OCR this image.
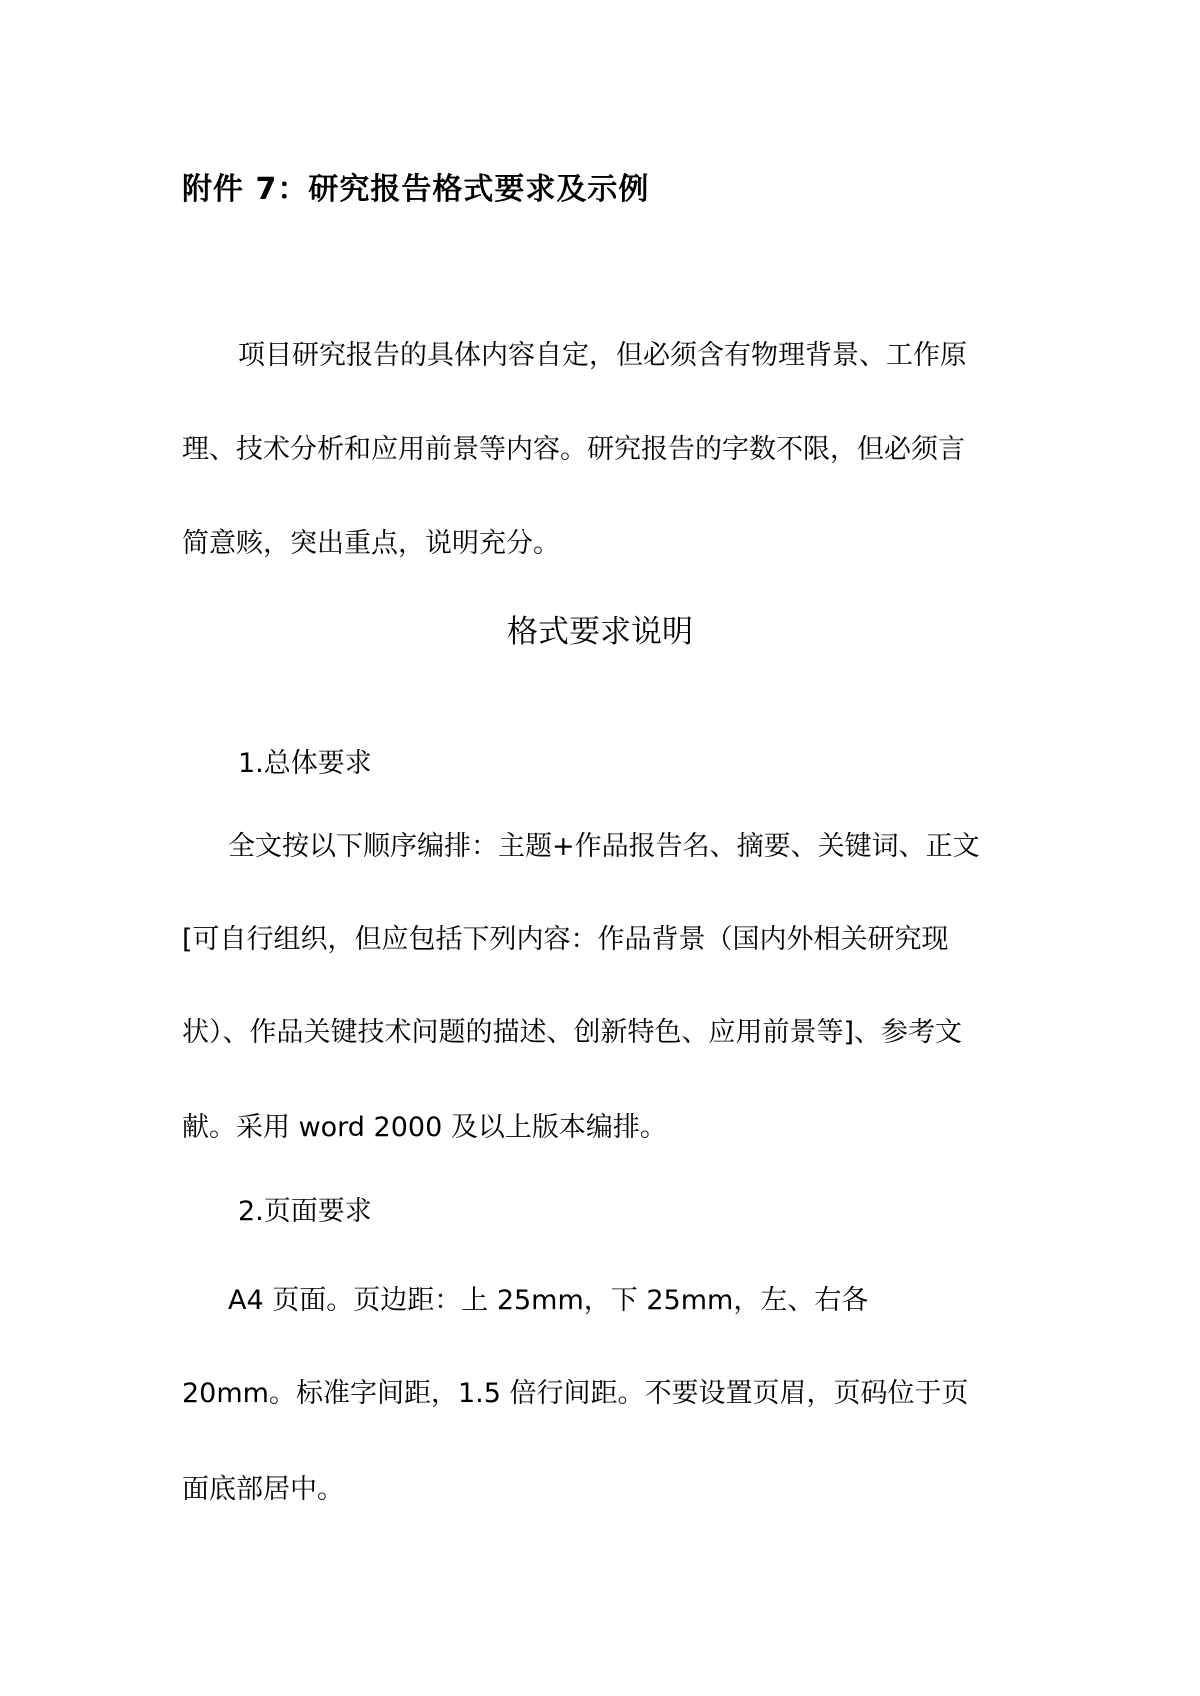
附件 7：研究报告格式要求及示例
项目研究报告的具体内容自定，但必须含有物理背景、工作原
理、技术分析和应用前景等内容。研究报告的字数不限，但必须言
简意赅，突出重点，说明充分。
格式要求说明
1.总体要求
全文按以下顺序编排：主题+作品报告名、摘要、关键词、正文
[可自行组织，但应包括下列内容：作品背景（国内外相关研究现
状）、作品关键技术问题的描述、创新特色、应用前景等]、参考文
献。采用 word 2000 及以上版本编排。
2.页面要求
A4 页面。页边距：上 25mm，下 25mm，左、右各
20mm。标准字间距，1.5 倍行间距。不要设置页眉，页码位于页
面底部居中。
